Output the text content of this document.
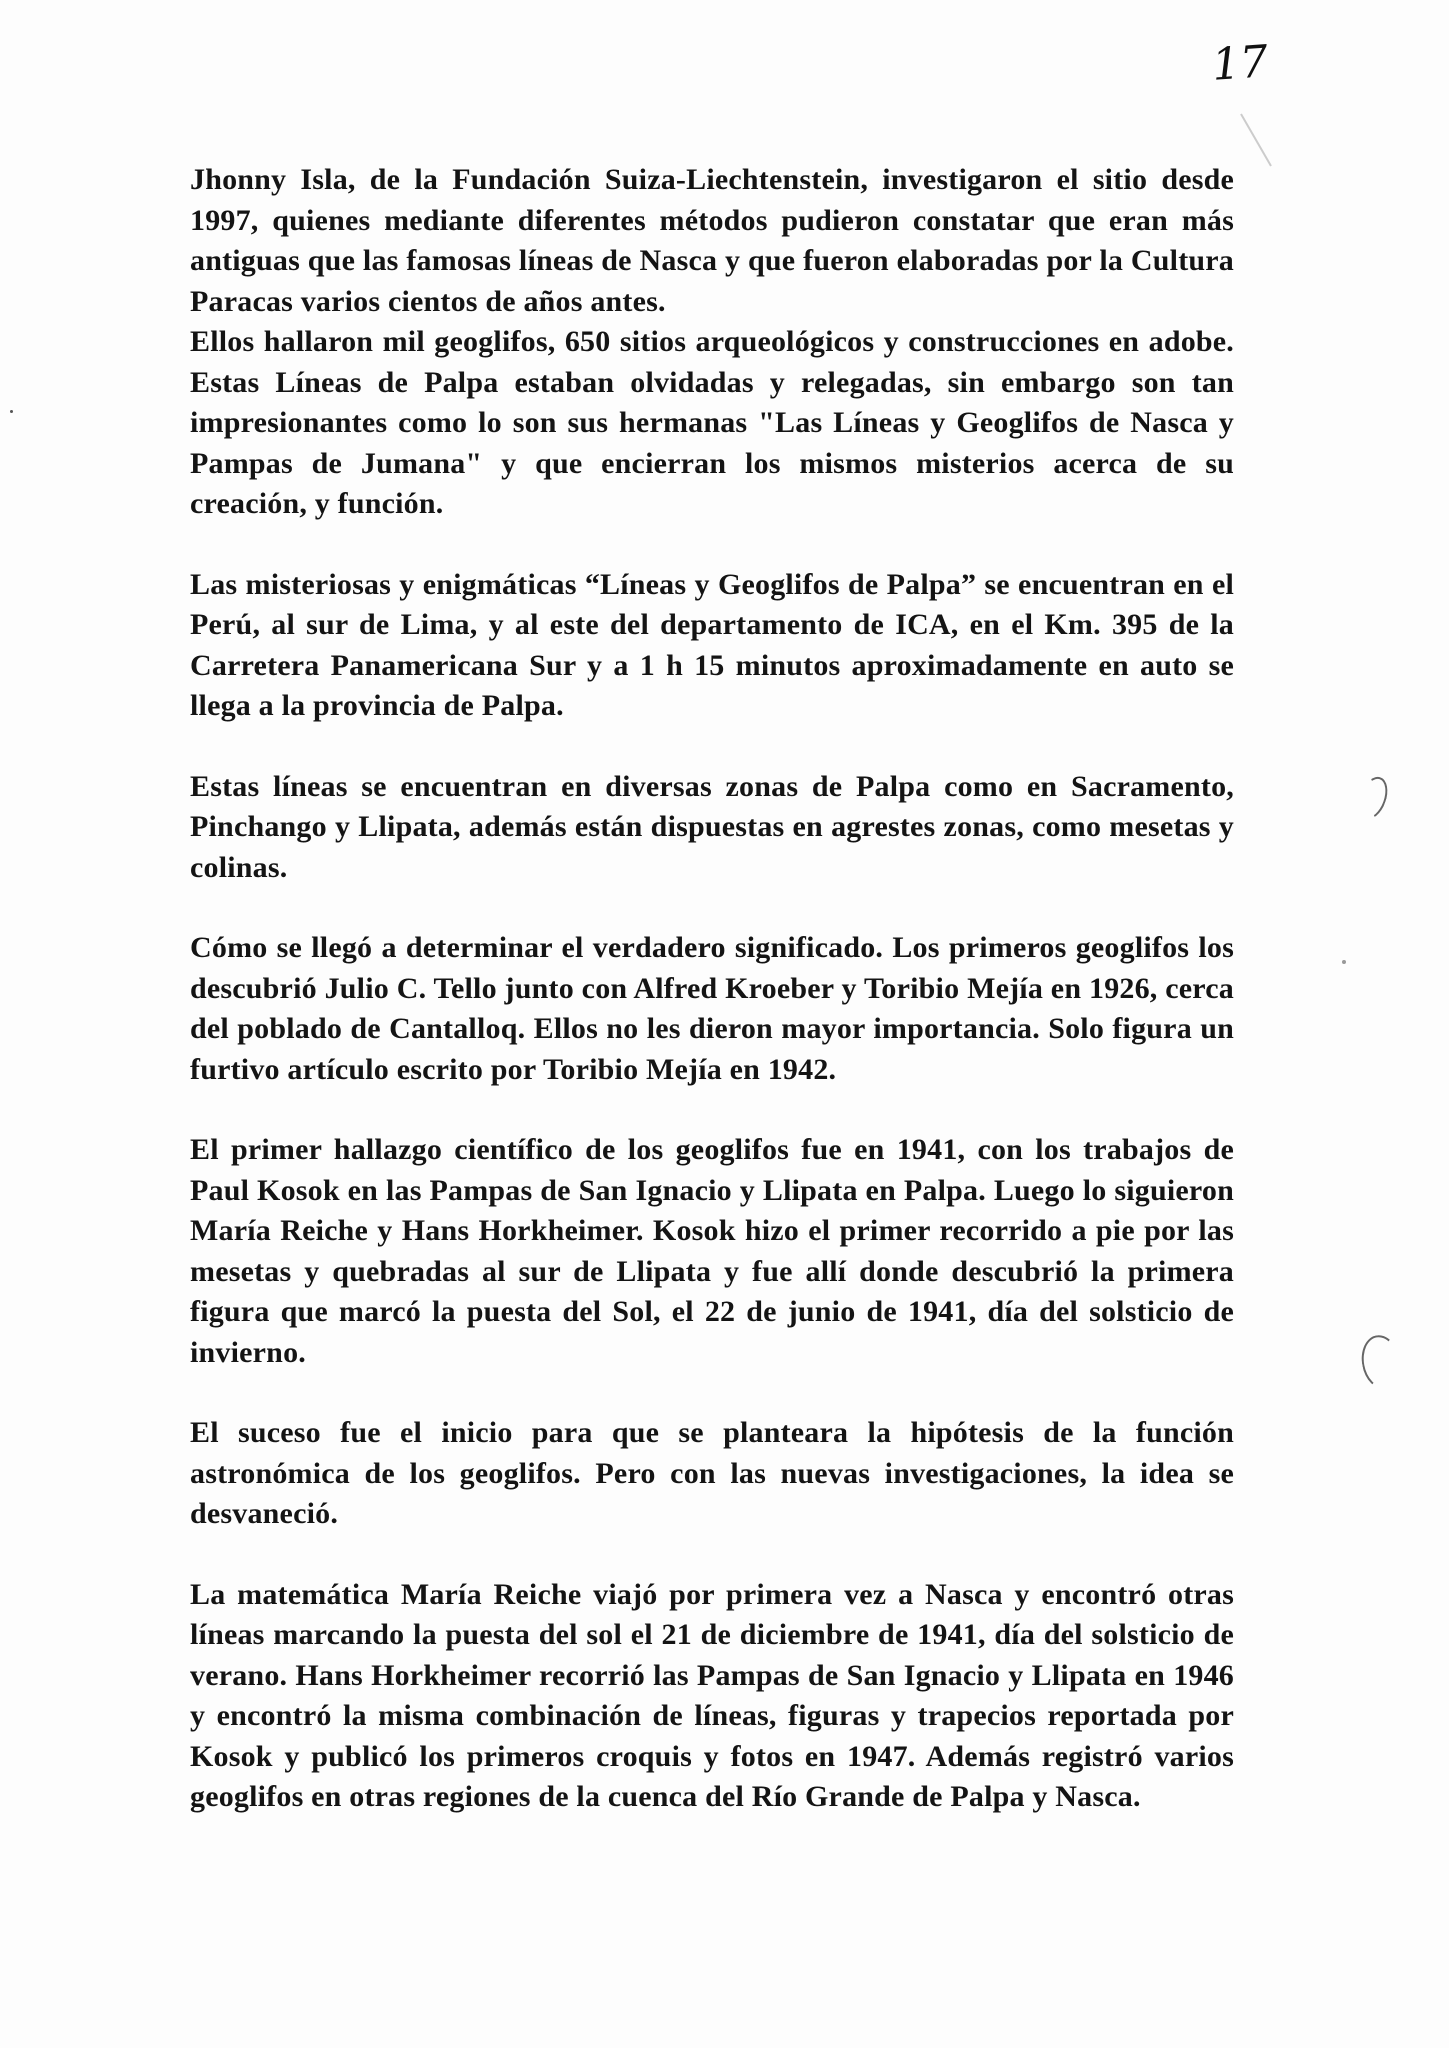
17

Jhonny Isla, de la Fundación Suiza-Liechtenstein, investigaron el sitio desde 1997, quienes mediante diferentes métodos pudieron constatar que eran más antiguas que las famosas líneas de Nasca y que fueron elaboradas por la Cultura Paracas varios cientos de años antes.

Ellos hallaron mil geoglifos, 650 sitios arqueológicos y construcciones en adobe. Estas Líneas de Palpa estaban olvidadas y relegadas, sin embargo son tan impresionantes como lo son sus hermanas "Las Líneas y Geoglifos de Nasca y Pampas de Jumana" y que encierran los mismos misterios acerca de su creación, y función.

Las misteriosas y enigmáticas “Líneas y Geoglifos de Palpa” se encuentran en el Perú, al sur de Lima, y al este del departamento de ICA, en el Km. 395 de la Carretera Panamericana Sur y a 1 h 15 minutos aproximadamente en auto se llega a la provincia de Palpa.

Estas líneas se encuentran en diversas zonas de Palpa como en Sacramento, Pinchango y Llipata, además están dispuestas en agrestes zonas, como mesetas y colinas.

Cómo se llegó a determinar el verdadero significado. Los primeros geoglifos los descubrió Julio C. Tello junto con Alfred Kroeber y Toribio Mejía en 1926, cerca del poblado de Cantalloq. Ellos no les dieron mayor importancia. Solo figura un furtivo artículo escrito por Toribio Mejía en 1942.

El primer hallazgo científico de los geoglifos fue en 1941, con los trabajos de Paul Kosok en las Pampas de San Ignacio y Llipata en Palpa. Luego lo siguieron María Reiche y Hans Horkheimer. Kosok hizo el primer recorrido a pie por las mesetas y quebradas al sur de Llipata y fue allí donde descubrió la primera figura que marcó la puesta del Sol, el 22 de junio de 1941, día del solsticio de invierno.

El suceso fue el inicio para que se planteara la hipótesis de la función astronómica de los geoglifos. Pero con las nuevas investigaciones, la idea se desvaneció.

La matemática María Reiche viajó por primera vez a Nasca y encontró otras líneas marcando la puesta del sol el 21 de diciembre de 1941, día del solsticio de verano. Hans Horkheimer recorrió las Pampas de San Ignacio y Llipata en 1946 y encontró la misma combinación de líneas, figuras y trapecios reportada por Kosok y publicó los primeros croquis y fotos en 1947. Además registró varios geoglifos en otras regiones de la cuenca del Río Grande de Palpa y Nasca.
